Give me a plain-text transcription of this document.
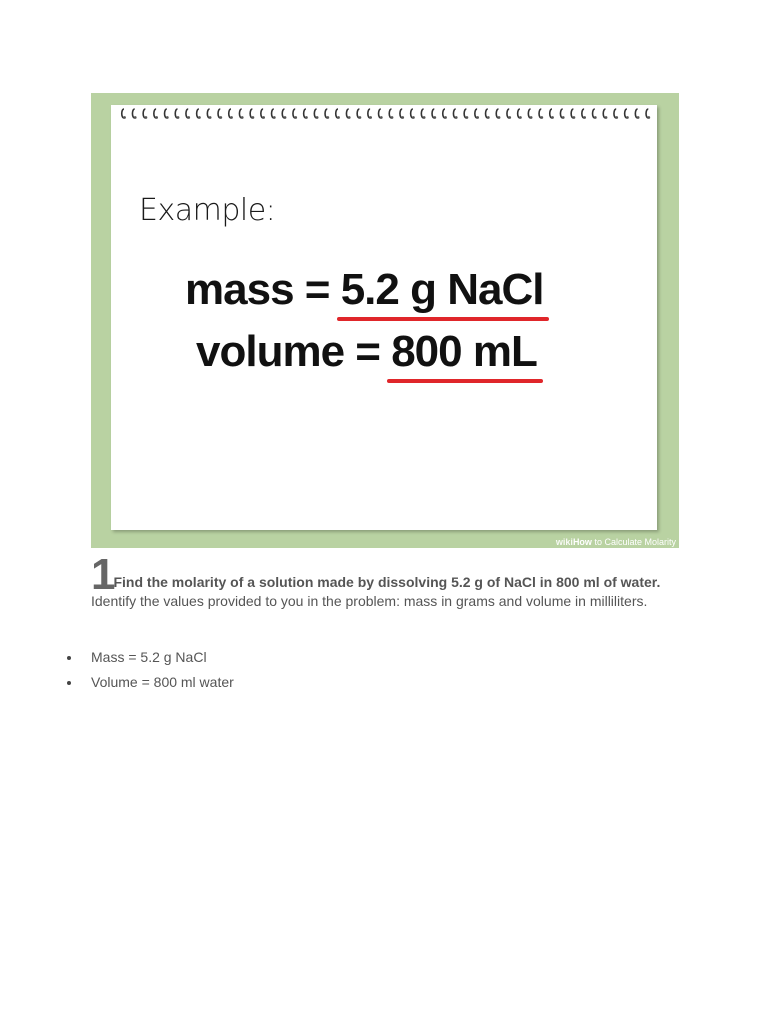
Example:

mass = 5.2 g NaCl
volume = 800 mL
wikiHow to Calculate Molarity

1Find the molarity of a solution made by dissolving 5.2 g of NaCl in 800 ml of water. Identify the values provided to you in the problem: mass in grams and volume in milliliters.

Mass = 5.2 g NaCl
Volume = 800 ml water
